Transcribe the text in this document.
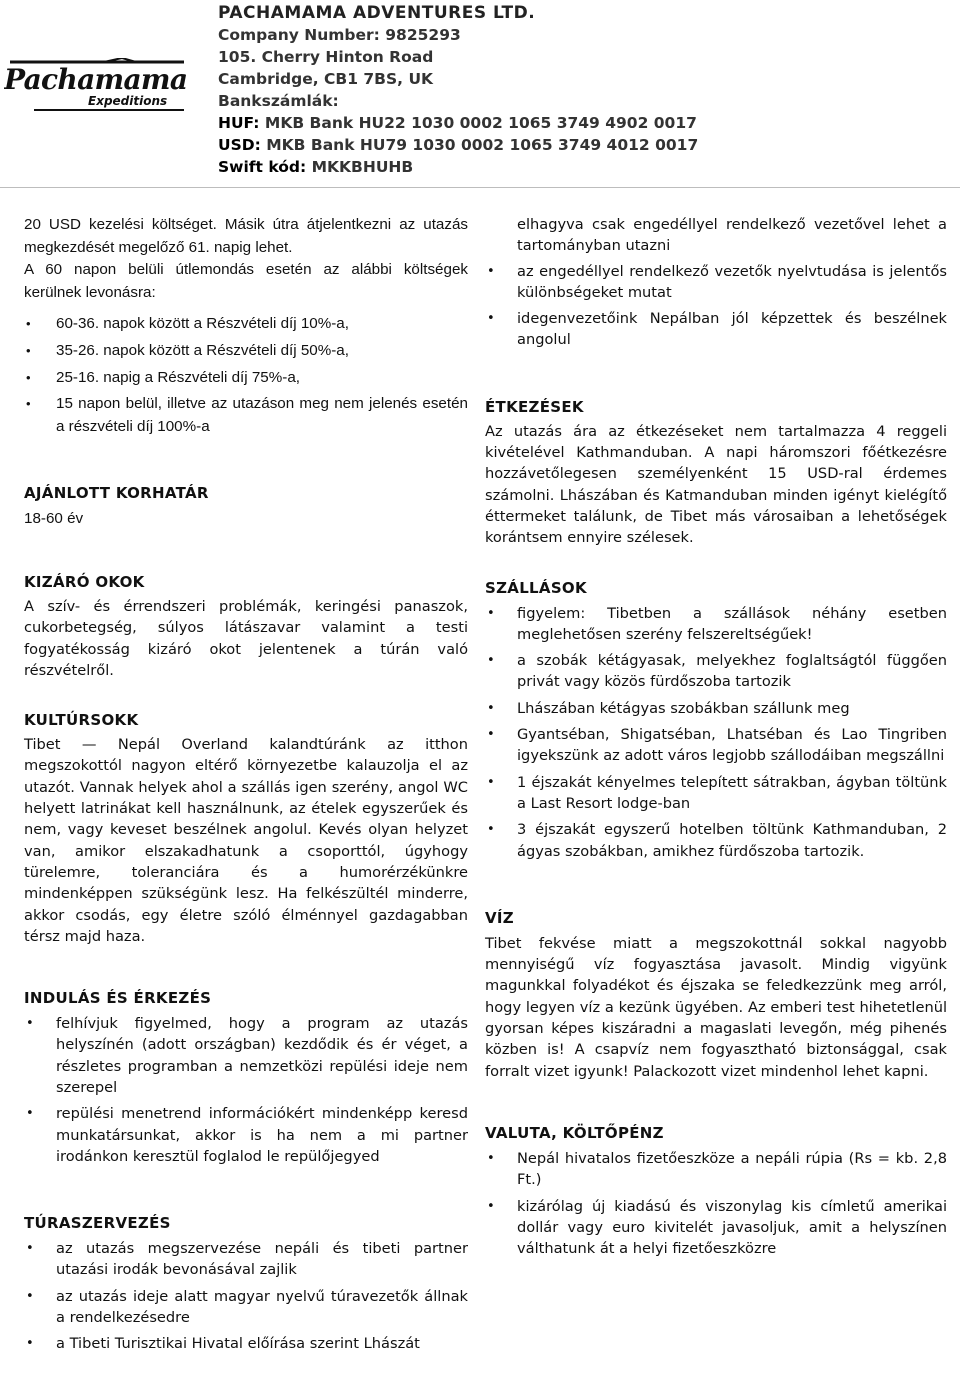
Pachamama
Expeditions
PACHAMAMA ADVENTURES LTD.
Company Number: 9825293
105. Cherry Hinton Road
Cambridge, CB1 7BS, UK
Bankszámlák:
HUF: MKB Bank HU22 1030 0002 1065 3749 4902 0017
USD: MKB Bank HU79 1030 0002 1065 3749 4012 0017
Swift kód: MKKBHUHB

20 USD kezelési költséget. Másik útra átjelentkezni az utazás megkezdését megelőző 61. napig lehet.

A 60 napon belüli útlemondás esetén az alábbi költségek kerülnek levonásra:

• 60-36. napok között a Részvételi díj 10%-a,
• 35-26. napok között a Részvételi díj 50%-a,
• 25-16. napig a Részvételi díj 75%-a,
• 15 napon belül, illetve az utazáson meg nem jelenés esetén a részvételi díj 100%-a
AJÁNLOTT KORHATÁR

18-60 év

KIZÁRÓ OKOK

A szív- és érrendszeri problémák, keringési panaszok, cukorbetegség, súlyos látászavar valamint a testi fogyatékosság kizáró okot jelentenek a túrán való részvételről.

KULTÚRSOKK

Tibet — Nepál Overland kalandtúránk az itthon megszokottól nagyon eltérő környezetbe kalauzolja el az utazót. Vannak helyek ahol a szállás igen szerény, angol WC helyett latrinákat kell használnunk, az ételek egyszerűek és nem, vagy keveset beszélnek angolul. Kevés olyan helyzet van, amikor elszakadhatunk a csoporttól, úgyhogy türelemre, toleranciára és a humorérzékünkre mindenképpen szükségünk lesz. Ha felkészültél minderre, akkor csodás, egy életre szóló élménnyel gazdagabban térsz majd haza.

INDULÁS ÉS ÉRKEZÉS
• felhívjuk figyelmed, hogy a program az utazás helyszínén (adott országban) kezdődik és ér véget, a részletes programban a nemzetközi repülési ideje nem szerepel
• repülési menetrend információkért mindenképp keresd munkatársunkat, akkor is ha nem a mi partner irodánkon keresztül foglalod le repülőjegyed
TÚRASZERVEZÉS
• az utazás megszervezése nepáli és tibeti partner utazási irodák bevonásával zajlik
• az utazás ideje alatt magyar nyelvű túravezetők állnak a rendelkezésedre
• a Tibeti Turisztikai Hivatal előírása szerint Lhászát

elhagyva csak engedéllyel rendelkező vezetővel lehet a tartományban utazni

• az engedéllyel rendelkező vezetők nyelvtudása is jelentős különbségeket mutat
• idegenvezetőink Nepálban jól képzettek és beszélnek angolul
ÉTKEZÉSEK

Az utazás ára az étkezéseket nem tartalmazza 4 reggeli kivételével Kathmanduban. A napi háromszori főétkezésre hozzávetőlegesen személyenként 15 USD-ral érdemes számolni. Lhászában és Katmanduban minden igényt kielégítő éttermeket találunk, de Tibet más városaiban a lehetőségek korántsem ennyire szélesek.

SZÁLLÁSOK
• figyelem: Tibetben a szállások néhány esetben meglehetősen szerény felszereltségűek!
• a szobák kétágyasak, melyekhez foglaltságtól függően privát vagy közös fürdőszoba tartozik
• Lhászában kétágyas szobákban szállunk meg
• Gyantséban, Shigatséban, Lhatséban és Lao Tingriben igyekszünk az adott város legjobb szállodáiban megszállni
• 1 éjszakát kényelmes telepített sátrakban, ágyban töltünk a Last Resort lodge-ban
• 3 éjszakát egyszerű hotelben töltünk Kathmanduban, 2 ágyas szobákban, amikhez fürdőszoba tartozik.
VÍZ

Tibet fekvése miatt a megszokottnál sokkal nagyobb mennyiségű víz fogyasztása javasolt. Mindig vigyünk magunkkal folyadékot és éjszaka se feledkezzünk meg arról, hogy legyen víz a kezünk ügyében. Az emberi test hihetetlenül gyorsan képes kiszáradni a magaslati levegőn, még pihenés közben is! A csapvíz nem fogyasztható biztonsággal, csak forralt vizet igyunk! Palackozott vizet mindenhol lehet kapni.

VALUTA, KÖLTŐPÉNZ
• Nepál hivatalos fizetőeszköze a nepáli rúpia (Rs = kb. 2,8 Ft.)
• kizárólag új kiadású és viszonylag kis címletű amerikai dollár vagy euro kivitelét javasoljuk, amit a helyszínen válthatunk át a helyi fizetőeszközre
